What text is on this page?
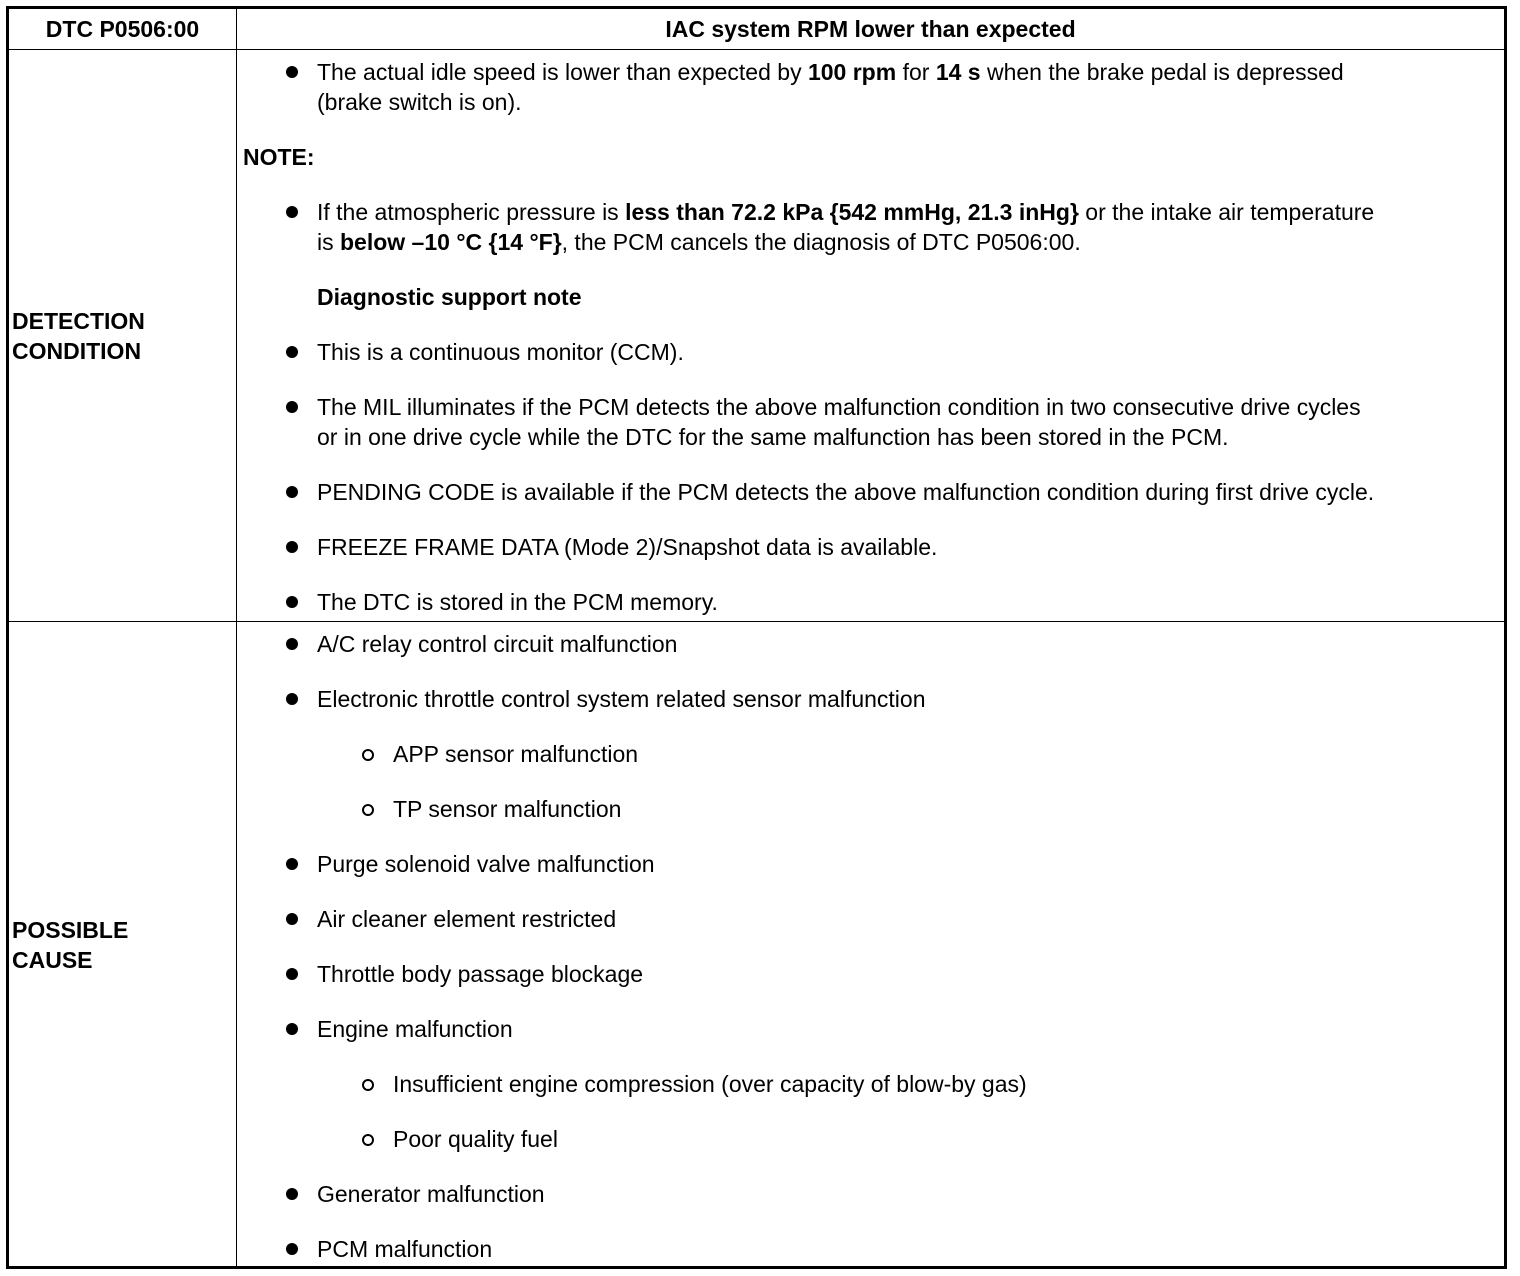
DTC P0506:00	IAC system RPM lower than expected
DETECTION
CONDITION
The actual idle speed is lower than expected by 100 rpm for 14 s when the brake pedal is depressed
(brake switch is on).
NOTE:
If the atmospheric pressure is less than 72.2 kPa {542 mmHg, 21.3 inHg} or the intake air temperature
is below –10 °C {14 °F}, the PCM cancels the diagnosis of DTC P0506:00.
Diagnostic support note
This is a continuous monitor (CCM).
The MIL illuminates if the PCM detects the above malfunction condition in two consecutive drive cycles
or in one drive cycle while the DTC for the same malfunction has been stored in the PCM.
PENDING CODE is available if the PCM detects the above malfunction condition during first drive cycle.
FREEZE FRAME DATA (Mode 2)/Snapshot data is available.
The DTC is stored in the PCM memory.
POSSIBLE
CAUSE
A/C relay control circuit malfunction
Electronic throttle control system related sensor malfunction
APP sensor malfunction
TP sensor malfunction
Purge solenoid valve malfunction
Air cleaner element restricted
Throttle body passage blockage
Engine malfunction
Insufficient engine compression (over capacity of blow-by gas)
Poor quality fuel
Generator malfunction
PCM malfunction
